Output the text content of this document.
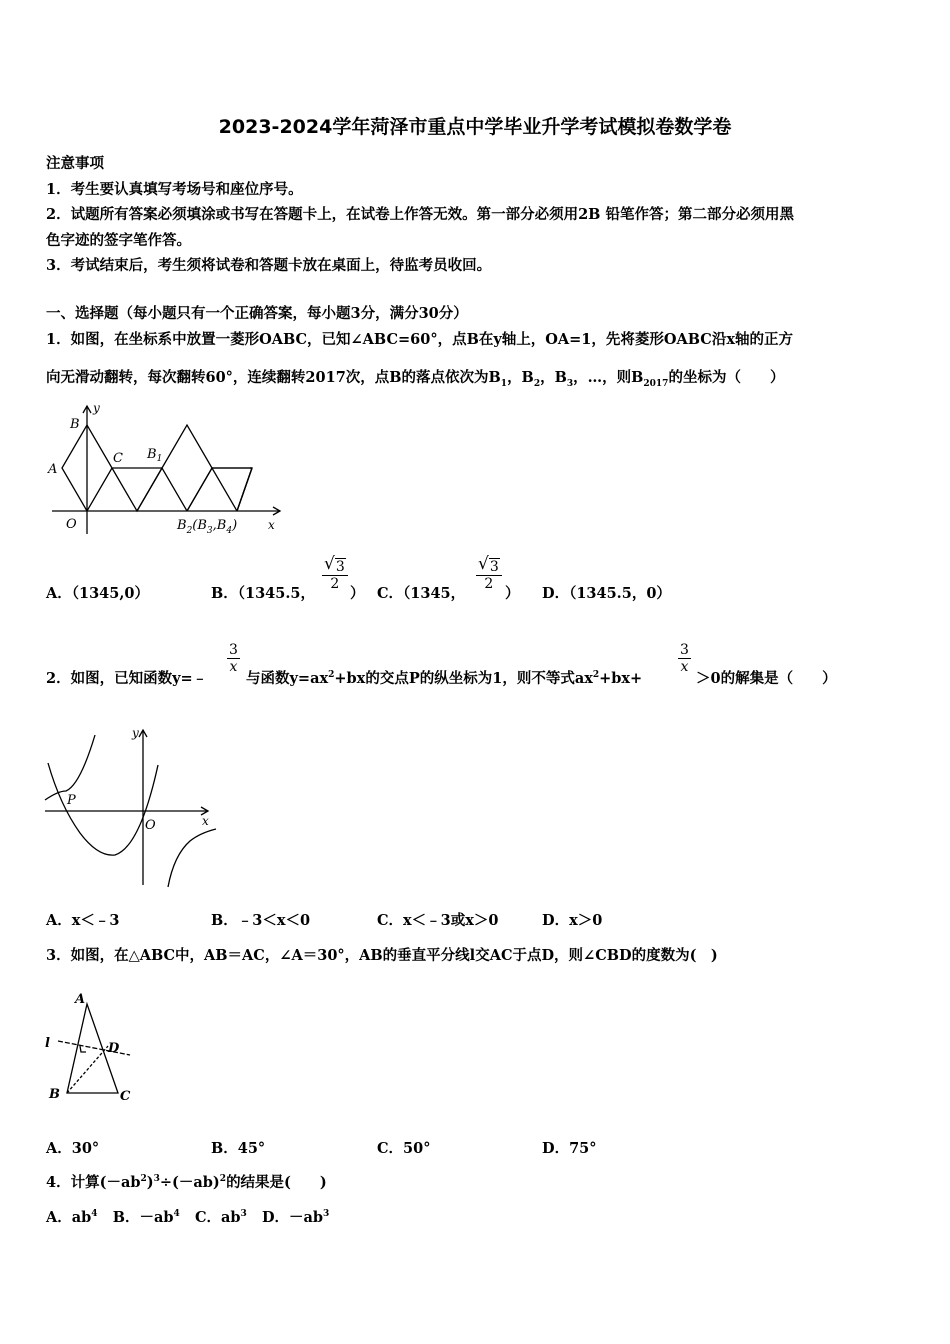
2023-2024学年菏泽市重点中学毕业升学考试模拟卷数学卷
注意事项
1．考生要认真填写考场号和座位序号。
2．试题所有答案必须填涂或书写在答题卡上，在试卷上作答无效。第一部分必须用2B 铅笔作答；第二部分必须用黑
色字迹的签字笔作答。
3．考试结束后，考生须将试卷和答题卡放在桌面上，待监考员收回。
一、选择题（每小题只有一个正确答案，每小题3分，满分30分）
1．如图，在坐标系中放置一菱形OABC，已知∠ABC=60°，点B在y轴上，OA=1，先将菱形OABC沿x轴的正方
向无滑动翻转，每次翻转60°，连续翻转2017次，点B的落点依次为$B_1$，$B_2$，$B_3$，…，则$B_{2017}$的坐标为（　　）
B
y
C $B_1$
A
O	x
$B_2(B_3,B_4)$
A．（1345,0）	B．（1345.5，
√ 3
2
） C．（1345，
√ 3
2
） D．（1345.5，0）
2．如图，已知函数y=﹣
3
x
与函数$y=ax^2+bx$的交点P的纵坐标为1，则不等式$ax^2+bx+$
3
x
＞0的解集是（　　）
y
P
O	x
A．x＜﹣3	B．﹣3＜x＜0	C．x＜﹣3或x＞0	D．x＞0
3．如图，在△ABC中，AB＝AC，∠A＝30°，AB的垂直平分线l交AC于点D，则∠CBD的度数为(　)
A
l	D
B	C
A．30°	B．45°	C．50°	D．75°
4．计算$(-ab^2)^3\div(-ab)^2$的结果是(　　)
A．$ab^4$ B．$-ab^4$ C．$ab^3$ D．$-ab^3$
